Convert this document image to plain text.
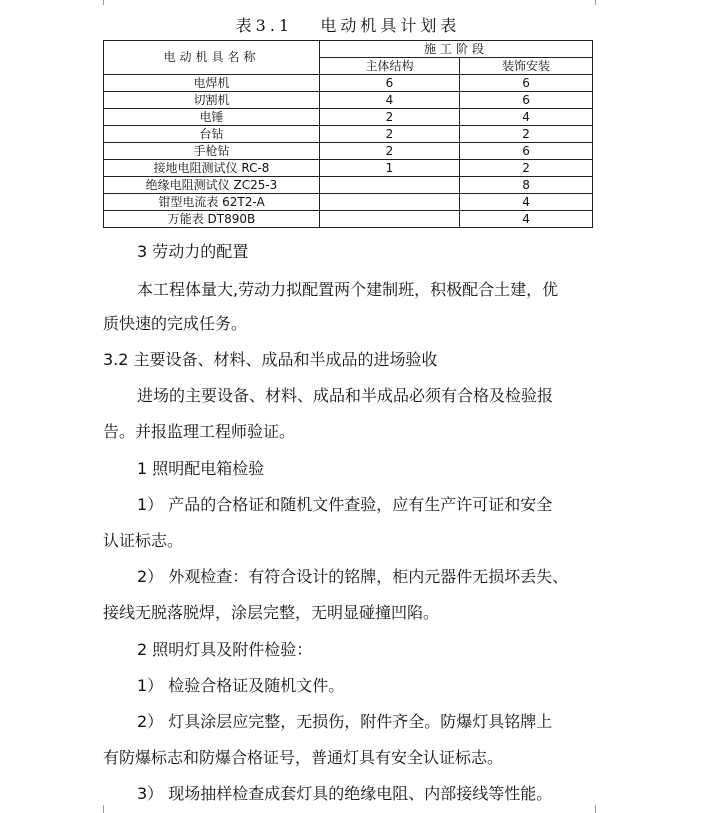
表3.1   电动机具计划表
电动机具名称	施工阶段	
	主体结构	装饰安装
电焊机	6	6
切割机	4	6
电锤	2	4
台钻	2	2
手枪钻	2	6
接地电阻测试仪 RC-8	1	2
绝缘电阻测试仪 ZC25-3		8
钳型电流表 62T2-A		4
万能表 DT890B		4
3 劳动力的配置
本工程体量大,劳动力拟配置两个建制班，积极配合土建，优
质快速的完成任务。
3.2 主要设备、材料、成品和半成品的进场验收
进场的主要设备、材料、成品和半成品必须有合格及检验报
告。并报监理工程师验证。
1 照明配电箱检验
1） 产品的合格证和随机文件查验，应有生产许可证和安全
认证标志。
2） 外观检查：有符合设计的铭牌，柜内元器件无损坏丢失、
接线无脱落脱焊，涂层完整，无明显碰撞凹陷。
2 照明灯具及附件检验：
1） 检验合格证及随机文件。
2） 灯具涂层应完整，无损伤，附件齐全。防爆灯具铭牌上
有防爆标志和防爆合格证号，普通灯具有安全认证标志。
3） 现场抽样检查成套灯具的绝缘电阻、内部接线等性能。
